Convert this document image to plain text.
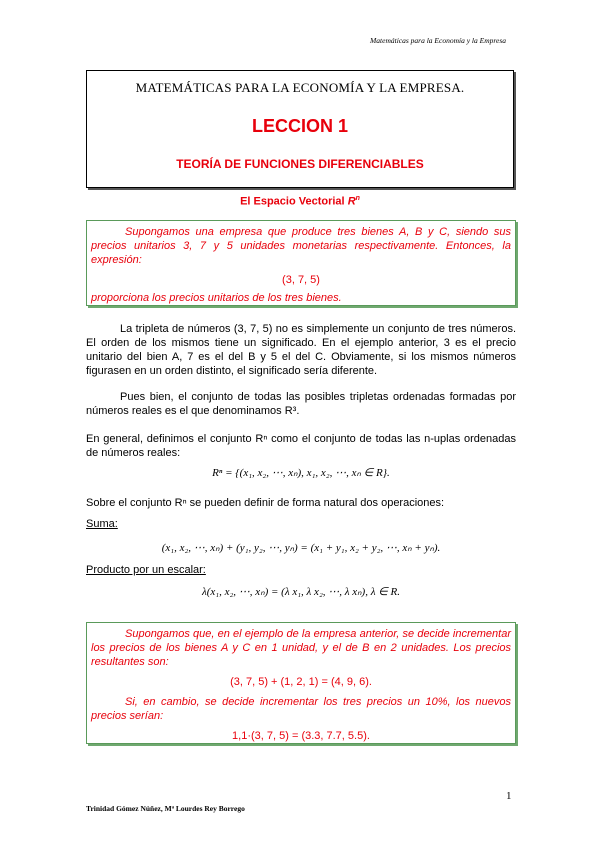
Matemáticas para la Economía y la Empresa
MATEMÁTICAS PARA LA ECONOMÍA Y LA EMPRESA.
LECCION 1
TEORÍA DE FUNCIONES DIFERENCIABLES
El Espacio Vectorial $R^n$

Supongamos una empresa que produce tres bienes A, B y C, siendo sus precios unitarios 3, 7 y 5 unidades monetarias respectivamente. Entonces, la expresión:

(3, 7, 5)

proporciona los precios unitarios de los tres bienes.

La tripleta de números (3, 7, 5) no es simplemente un conjunto de tres números. El orden de los mismos tiene un significado. En el ejemplo anterior, 3 es el precio unitario del bien A, 7 es el del B y 5 el del C. Obviamente, si los mismos números figurasen en un orden distinto, el significado sería diferente.

Pues bien, el conjunto de todas las posibles tripletas ordenadas formadas por números reales es el que denominamos R³.

En general, definimos el conjunto Rⁿ como el conjunto de todas las n-uplas ordenadas de números reales:

Rⁿ = {(x₁, x₂, ⋯, xₙ), x₁, x₂, ⋯, xₙ ∈ R}.

Sobre el conjunto Rⁿ se pueden definir de forma natural dos operaciones:

Suma:
(x₁, x₂, ⋯, xₙ) + (y₁, y₂, ⋯, yₙ) = (x₁ + y₁, x₂ + y₂, ⋯, xₙ + yₙ).
Producto por un escalar:
λ(x₁, x₂, ⋯, xₙ) = (λ x₁, λ x₂, ⋯, λ xₙ), λ ∈ R.

Supongamos que, en el ejemplo de la empresa anterior, se decide incrementar los precios de los bienes A y C en 1 unidad, y el de B en 2 unidades. Los precios resultantes son:

(3, 7, 5) + (1, 2, 1) = (4, 9, 6).

Si, en cambio, se decide incrementar los tres precios un 10%, los nuevos precios serían:

1,1·(3, 7, 5) = (3.3, 7.7, 5.5).

1
Trinidad Gómez Núñez, Mª Lourdes Rey Borrego
